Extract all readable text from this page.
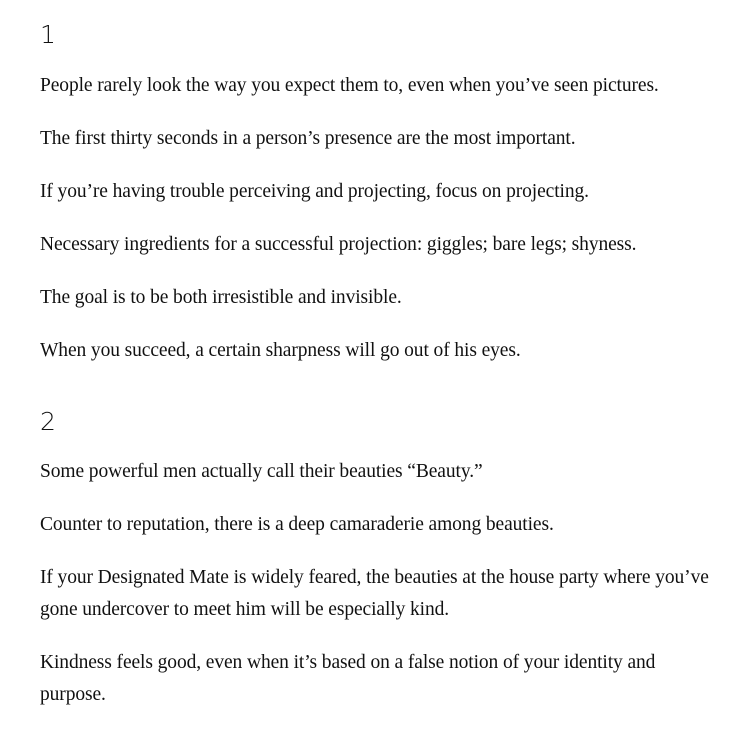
1

People rarely look the way you expect them to, even when you’ve seen pictures.

The first thirty seconds in a person’s presence are the most important.

If you’re having trouble perceiving and projecting, focus on projecting.

Necessary ingredients for a successful projection: giggles; bare legs; shyness.

The goal is to be both irresistible and invisible.

When you succeed, a certain sharpness will go out of his eyes.

2

Some powerful men actually call their beauties “Beauty.”

Counter to reputation, there is a deep camaraderie among beauties.

If your Designated Mate is widely feared, the beauties at the house party where you’ve gone undercover to meet him will be especially kind.

Kindness feels good, even when it’s based on a false notion of your identity and purpose.
